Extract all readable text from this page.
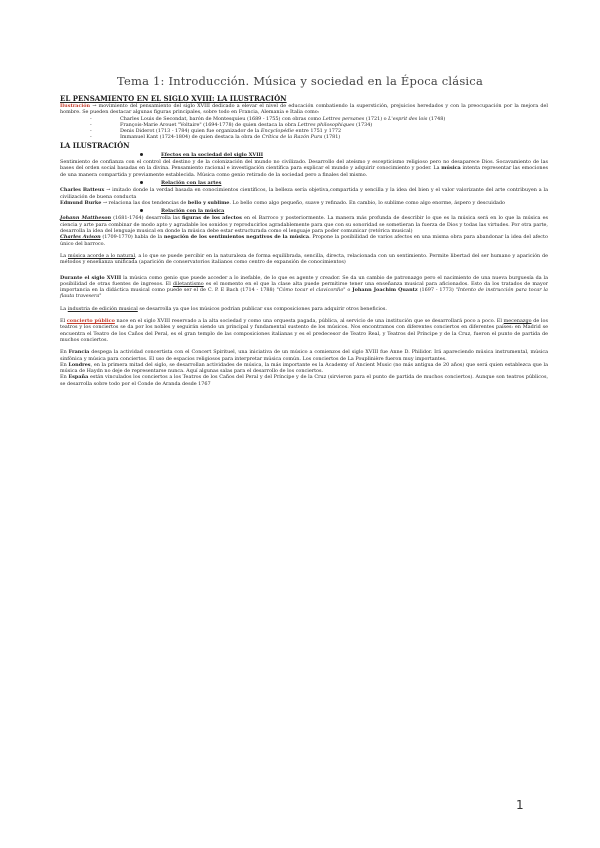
Tema 1: Introducción. Música y sociedad en la Época clásica
EL PENSAMIENTO EN EL SIGLO XVIII: LA ILUSTRACIÓN

Ilustración → movimiento del pensamiento del siglo XVIII dedicado a elevar el nivel de educación combatiendo la superstición, prejuicios heredados y con la preocupación por la mejora del hombre. Se pueden destacar algunas figuras principales, sobre todo en Francia, Alemania e Italia como:

- Charles Louis de Secondat, barón de Montesquieu (1689 - 1755) con obras como Lettres persanes (1721) o L'esprit des lois (1748)
- François-Marie Arouet "Voltaire" (1694-1778) de quien destaca la obra Lettres philosophiques (1734)
- Denis Diderot (1713 - 1784) quien fue organizador de la Encyclopédie entre 1751 y 1772
- Immanuel Kant (1724-1804) de quien destaca la obra de Crítica de la Razón Pura (1781)
LA ILUSTRACIÓN
Efectos en la sociedad del siglo XVIII

Sentimiento de confianza con el control del destino y de la colonización del mundo no civilizado. Desarrollo del ateísmo y escepticismo religioso pero no desaparece Dios. Socavamiento de las bases del orden social basadas en la divina. Pensamiento racional e investigación científica para explicar el mundo y adquirir conocimiento y poder. La música intenta representar las emociones de una manera compartida y previamente establecida. Música como genio retirado de la sociedad pero a finales del mismo.

Relación con las artes

Charles Batteux → imitado donde la verdad basada en conocimientos científicos, la belleza sería objetiva,compartida y sencilla y la idea del bien y el valor valorizante del arte contribuyen a la civilización de buena conducta

Edmund Burke → relaciona las dos tendencias de bello y sublime. Lo bello como algo pequeño, suave y refinado. En cambio, lo sublime como algo enorme, áspero y descuidado

Relación con la música

Johann Mattheson (1681-1764) desarrolla las figuras de los afectos en el Barroco y posteriormente. La manera más profunda de describir lo que es la música será en lo que la música es ciencia y arte para combinar de modo apto y agradable los sonidos y reproducirlos agradablemente para que con su sonoridad se sometieran la fuerza de Dios y todas las virtudes. Por otra parte, desarrolla la idea del lenguaje musical en donde la música debe estar estructurada como el lenguaje para poder comunicar (retórica musical)

Charles Avison (1709-1770) habla de la negación de los sentimientos negativos de la música. Propone la posibilidad de varios afectos en una misma obra para abandonar la idea del afecto único del barroco.

La música acorde a lo natural, a lo que se puede percibir en la naturaleza de forma equilibrada, sencilla, directa, relacionada con un sentimiento. Permite libertad del ser humano y aparición de métodos y enseñanza unificada (aparición de conservatorios italianos como centro de expansión de conocimientos)

Durante el siglo XVIII la música como genio que puede acceder a lo inefable, de lo que es agente y creador. Se da un cambio de patronazgo pero el nacimiento de una nueva burguesía da la posibilidad de otras fuentes de ingresos. El diletantismo es el momento en el que la clase alta puede permitirse tener una enseñanza musical para aficionados. Esto da los tratados de mayor importancia en la didáctica musical como puede ser el de C. P. E Bach (1714 - 1788) "Cómo tocar el clavicordio" o Johann Joachim Quantz (1697 - 1773) "Intento de instrucción para tocar la flauta travesera"

La industria de edición musical se desarrolla ya que los músicos podrían publicar sus composiciones para adquirir otros beneficios.

El concierto público nace en el siglo XVIII reservado a la alta sociedad y como una orquesta pagada, pública, al servicio de una institución que se desarrollará poco a poco. El mecenazgo de los teatros y los conciertos se da por los nobles y seguirán siendo un principal y fundamental sustento de los músicos. Nos encontramos con diferentes conciertos en diferentes países: en Madrid se encuentra el Teatro de los Caños del Peral, es el gran templo de las composiciones italianas y es el predecesor de Teatro Real, y Teatros del Príncipe y de la Cruz, fueron el punto de partida de muchos conciertos.

En Francia despega la actividad concertista con el Concert Spirituel, una iniciativa de un músico a comienzos del siglo XVIII fue Anne D. Philidor. Irá apareciendo música instrumental, música sinfónica y música para conciertos. El uso de espacios religiosos para interpretar música común. Los conciertos de La Pouplinière fueron muy importantes.

En Londres, en la primera mitad del siglo, se desarrollan actividades de música, la más importante es la Academy of Ancient Music (no más antigua de 20 años) que será quien establezca que la música de Haydn no deje de representarse nunca. Aquí algunas salas para el desarrollo de los conciertos.

En España están vinculados los conciertos a los Teatros de los Caños del Peral y del Príncipe y de la Cruz (sirvieron para el punto de partida de muchos conciertos). Aunque son teatros públicos, se desarrolla sobre todo por el Conde de Aranda desde 1767

1
